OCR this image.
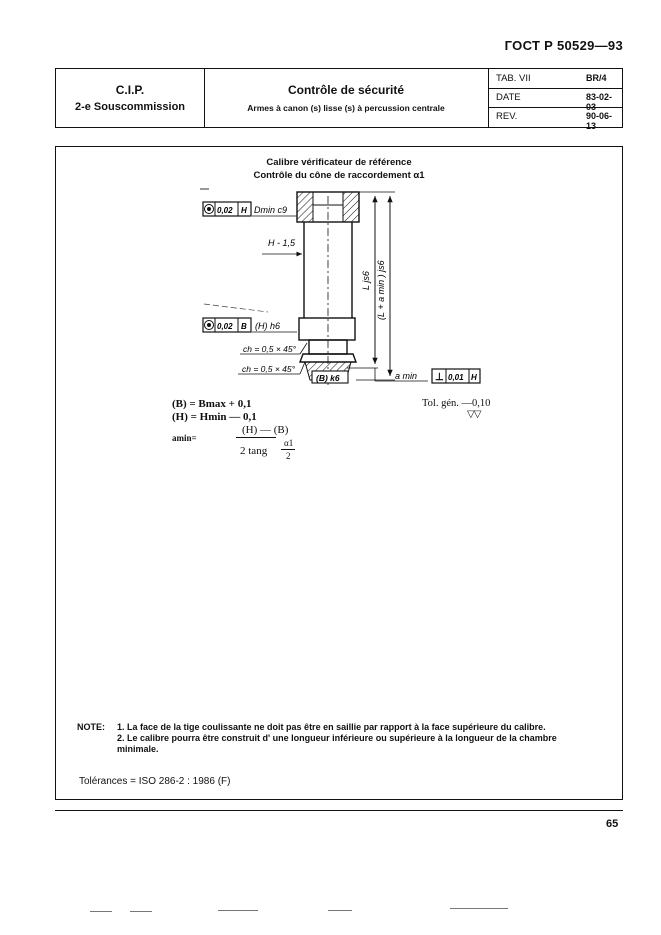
ГОСТ Р 50529—93
C.I.P.
2-e Souscommission
Contrôle de sécurité
Armes à canon (s) lisse (s) à percussion centrale
TAB. VII	BR/4
DATE	83-02-03
REV.	90-06-13
Calibre vérificateur de référence
Contrôle du cône de raccordement α1
L js6 (L + a min ) js6
a min ⊥ 0,01 H
0,02 H Dmin c9
H - 1,5
0,02 B (H) h6
ch = 0,5 × 45°
ch = 0,5 × 45°
(B) k6
(B) = Bmax + 0,1
(H) = Hmin — 0,1
amin=
(H) — (B)
2 tang
α1
2
Tol. gén. —0,10
▽▽
NOTE: 1. La face de la tige coulissante ne doit pas être en saillie par rapport à la face supérieure du calibre.
2. Le calibre pourra être construit d' une longueur inférieure ou supérieure à la longueur de la chambre minimale.
Tolérances = ISO 286-2 : 1986 (F)
65
